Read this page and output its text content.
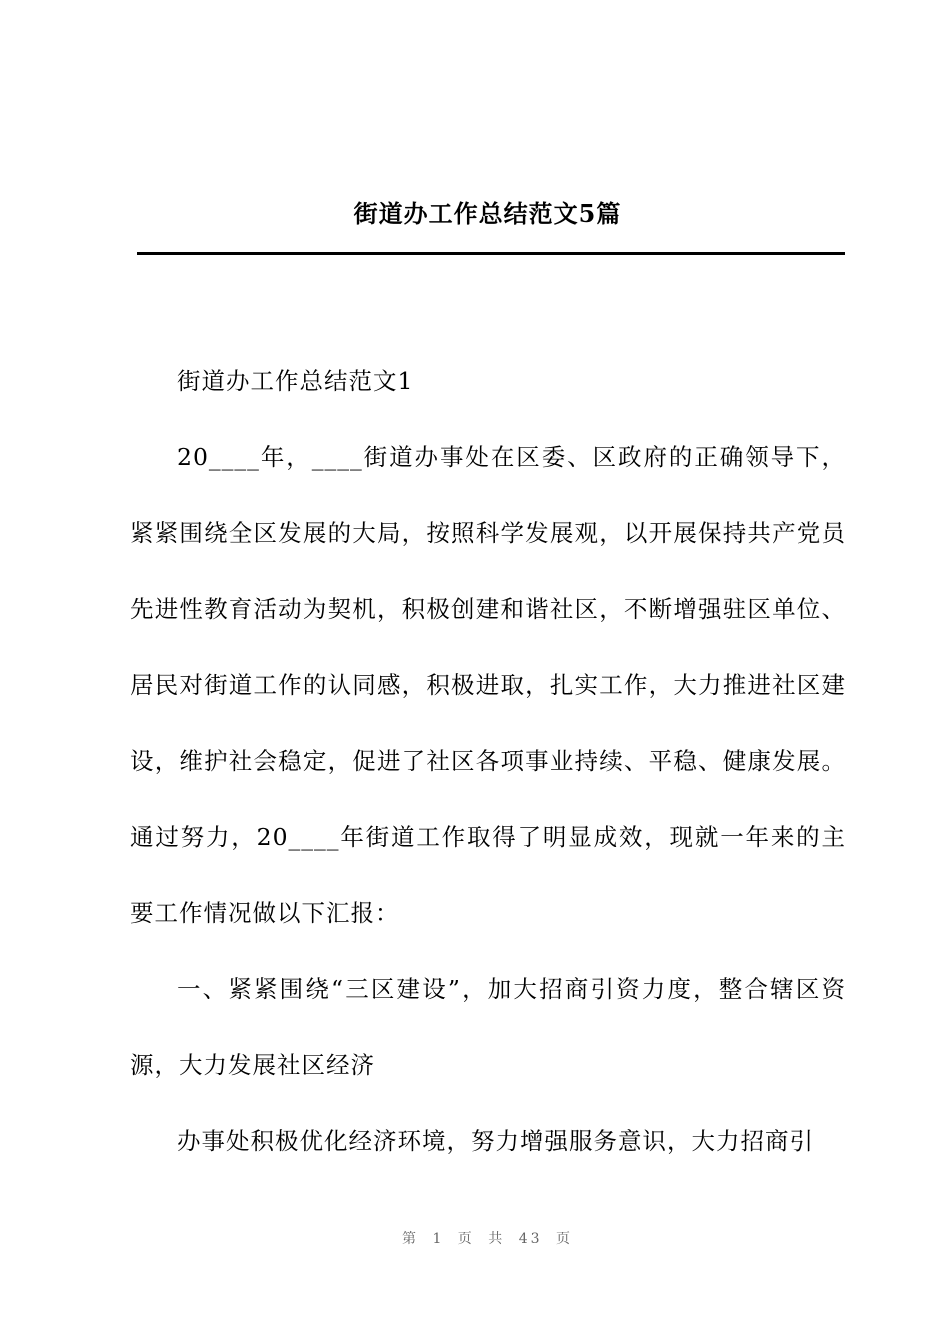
街道办工作总结范文5篇

街道办工作总结范文1

20____年，____街道办事处在区委、区政府的正确领导下，紧紧围绕全区发展的大局，按照科学发展观，以开展保持共产党员先进性教育活动为契机，积极创建和谐社区，不断增强驻区单位、居民对街道工作的认同感，积极进取，扎实工作，大力推进社区建设，维护社会稳定，促进了社区各项事业持续、平稳、健康发展。通过努力，20____年街道工作取得了明显成效，现就一年来的主要工作情况做以下汇报：

一、紧紧围绕“三区建设”，加大招商引资力度，整合辖区资源，大力发展社区经济

办事处积极优化经济环境，努力增强服务意识，大力招商引

第 1 页 共 43 页
